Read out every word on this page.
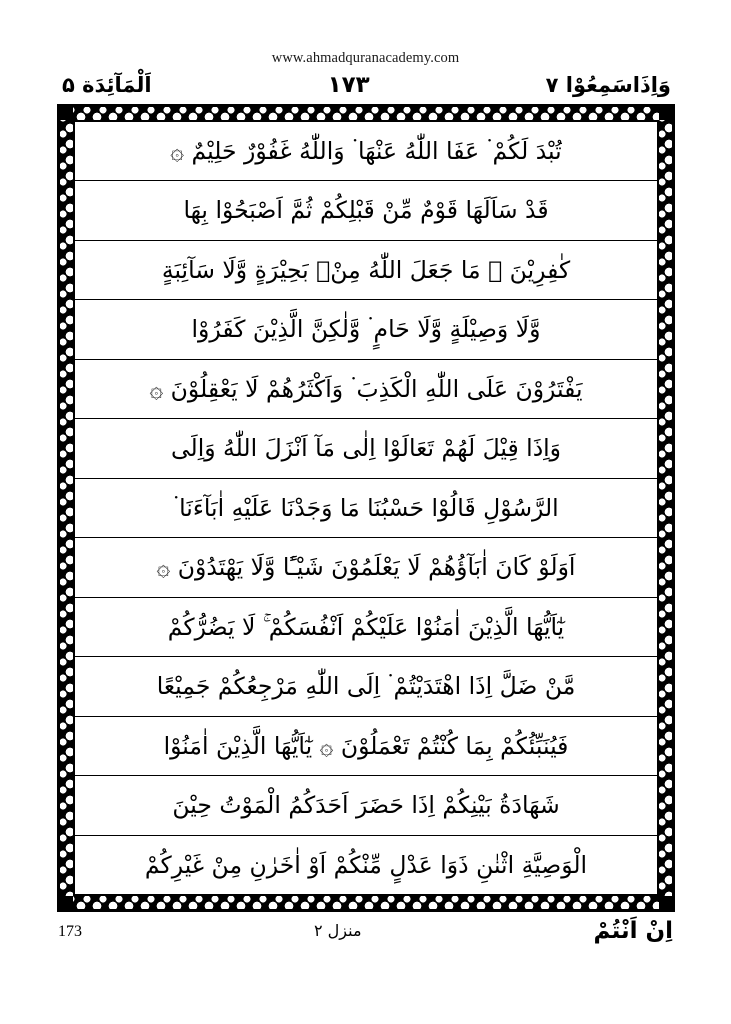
www.ahmadquranacademy.com
وَاِذَاسَمِعُوْا ۷
۱۷۳
اَلْمَآئِدَة ۵
تُبْدَ لَكُمْ ۬ عَفَا اللّٰهُ عَنْهَا ۬ وَاللّٰهُ غَفُوْرٌ حَلِيْمٌ ۞
قَدْ سَاَلَهَا قَوْمٌ مِّنْ قَبْلِكُمْ ثُمَّ اَصْبَحُوْا بِهَا
كٰفِرِيْنَ ۞ مَا جَعَلَ اللّٰهُ مِنْۢ بَحِيْرَةٍ وَّلَا سَآئِبَةٍ
وَّلَا وَصِيْلَةٍ وَّلَا حَامٍ ۬ وَّلٰكِنَّ الَّذِيْنَ كَفَرُوْا
يَفْتَرُوْنَ عَلَى اللّٰهِ الْكَذِبَ ۬ وَاَكْثَرُهُمْ لَا يَعْقِلُوْنَ ۞
وَاِذَا قِيْلَ لَهُمْ تَعَالَوْا اِلٰى مَآ اَنْزَلَ اللّٰهُ وَاِلَى
الرَّسُوْلِ قَالُوْا حَسْبُنَا مَا وَجَدْنَا عَلَيْهِ اٰبَآءَنَا ۬
اَوَلَوْ كَانَ اٰبَآؤُهُمْ لَا يَعْلَمُوْنَ شَيْـًٔا وَّلَا يَهْتَدُوْنَ ۞
يٰٓاَيُّهَا الَّذِيْنَ اٰمَنُوْا عَلَيْكُمْ اَنْفُسَكُمْ ۚ لَا يَضُرُّكُمْ
مَّنْ ضَلَّ اِذَا اهْتَدَيْتُمْ ۬ اِلَى اللّٰهِ مَرْجِعُكُمْ جَمِيْعًا
فَيُنَبِّئُكُمْ بِمَا كُنْتُمْ تَعْمَلُوْنَ ۞ يٰٓاَيُّهَا الَّذِيْنَ اٰمَنُوْا
شَهَادَةُ بَيْنِكُمْ اِذَا حَضَرَ اَحَدَكُمُ الْمَوْتُ حِيْنَ
الْوَصِيَّةِ اثْنٰنِ ذَوَا عَدْلٍ مِّنْكُمْ اَوْ اٰخَرٰنِ مِنْ غَيْرِكُمْ
اِنْ اَنْتُمْ
منزل ۲
173
